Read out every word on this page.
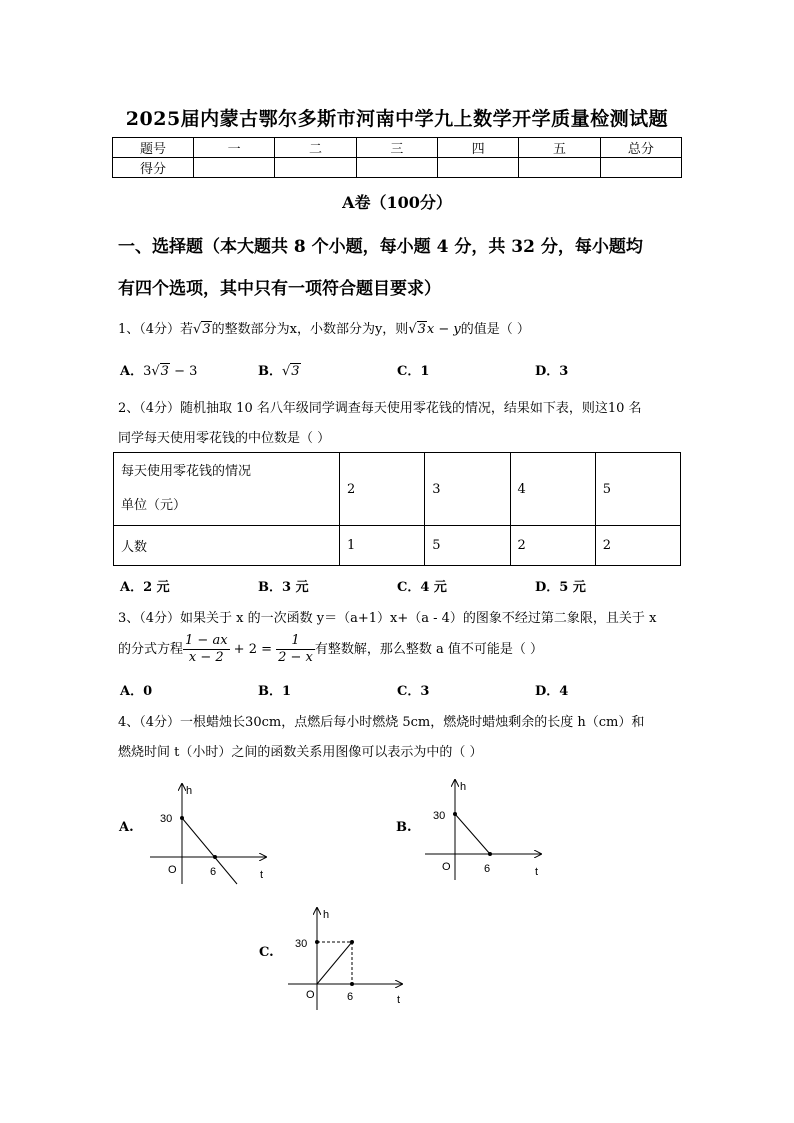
2025届内蒙古鄂尔多斯市河南中学九上数学开学质量检测试题
题号	一	二	三	四	五	总分
得分						
A卷（100分）
一、选择题（本大题共 8 个小题，每小题 4 分，共 32 分，每小题均
有四个选项，其中只有一项符合题目要求）
1、（4分）若√3的整数部分为x，小数部分为y，则√3x − y的值是（ ）
A．3√3 − 3	B．√3	C．1	D．3
2、（4分）随机抽取 10 名八年级同学调查每天使用零花钱的情况，结果如下表，则这10 名
同学每天使用零花钱的中位数是（ ）
每天使用零花钱的情况
单位（元）	2	3	4	5
人数	1	5	2	2
A．2 元	B．3 元	C．4 元	D．5 元
3、（4分）如果关于 x 的一次函数 y＝（a+1）x+（a - 4）的图象不经过第二象限，且关于 x
的分式方程 $\frac{1 - ax}{x - 2} + 2 = \frac{1}{2 - x}$ 有整数解，那么整数 a 值不可能是（ ）
A．0	B．1	C．3	D．4
4、（4分）一根蜡烛长30cm，点燃后每小时燃烧 5cm，燃烧时蜡烛剩余的长度 h（cm）和
燃烧时间 t（小时）之间的函数关系用图像可以表示为中的（ ）
A.
h
t
O
30
6
B.
h
t
O
30
6
C.
h
t
O
30
6
